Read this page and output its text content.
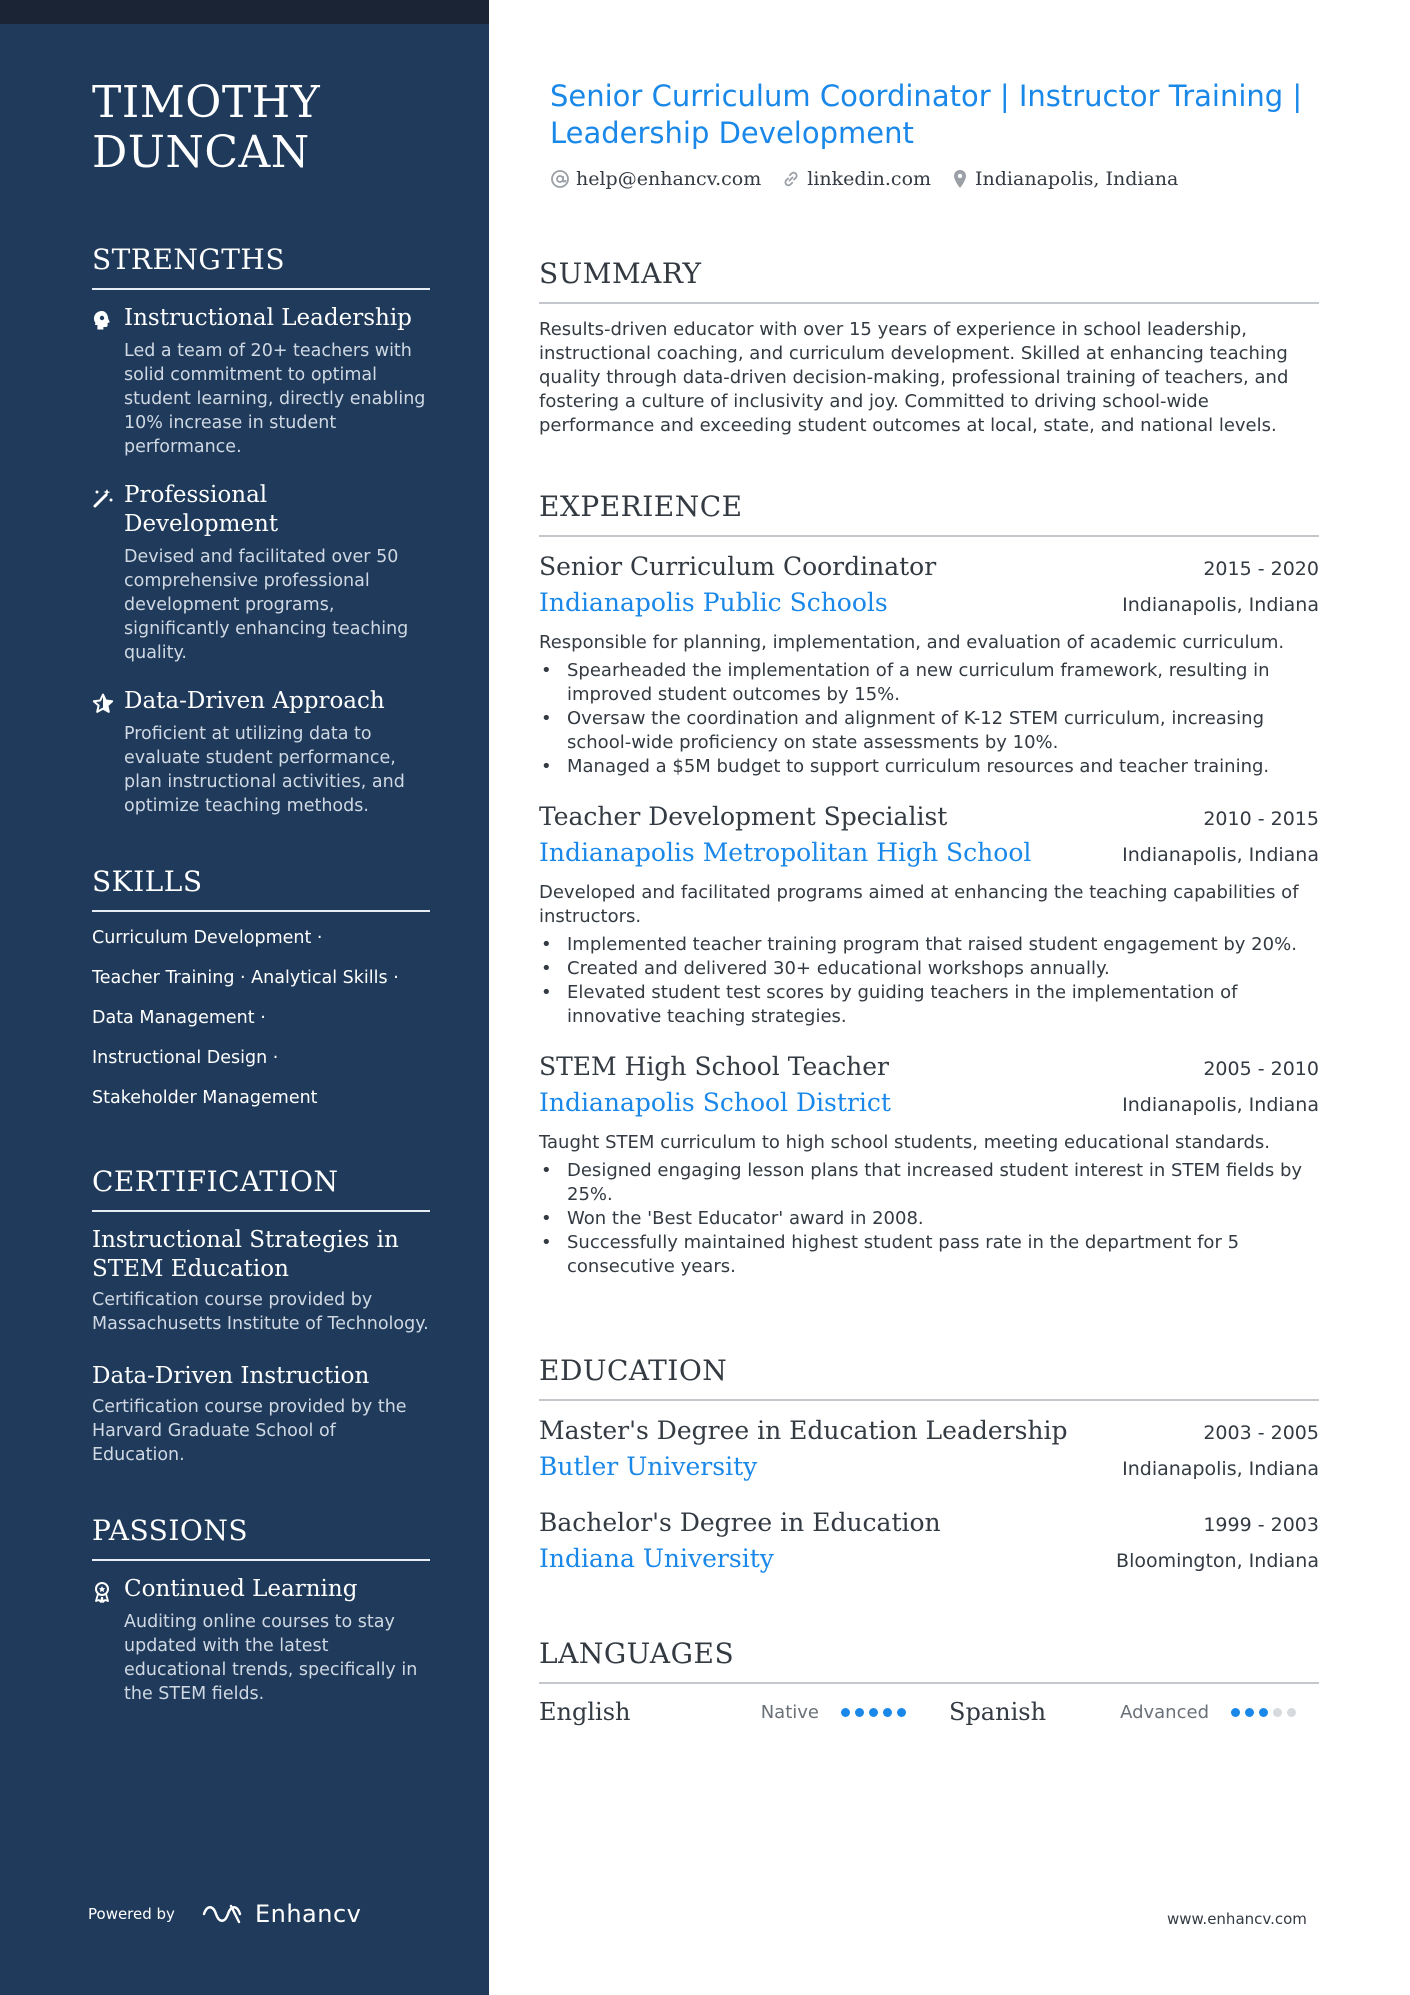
TIMOTHY
DUNCAN
STRENGTHS
Instructional Leadership
Led a team of 20+ teachers with solid commitment to optimal student learning, directly enabling 10% increase in student performance.
Professional
Development
Devised and facilitated over 50 comprehensive professional development programs, significantly enhancing teaching quality.
Data-Driven Approach
Proficient at utilizing data to evaluate student performance, plan instructional activities, and optimize teaching methods.
SKILLS
Curriculum Development ·
Teacher Training · Analytical Skills ·
Data Management ·
Instructional Design ·
Stakeholder Management
CERTIFICATION
Instructional Strategies in
STEM Education
Certification course provided by Massachusetts Institute of Technology.
Data-Driven Instruction
Certification course provided by the Harvard Graduate School of Education.
PASSIONS
Continued Learning
Auditing online courses to stay updated with the latest educational trends, specifically in the STEM fields.
Powered by	Enhancv
Senior Curriculum Coordinator | Instructor Training |
Leadership Development
help@enhancv.com linkedin.com Indianapolis, Indiana
SUMMARY
Results-driven educator with over 15 years of experience in school leadership, instructional coaching, and curriculum development. Skilled at enhancing teaching quality through data-driven decision-making, professional training of teachers, and fostering a culture of inclusivity and joy. Committed to driving school-wide performance and exceeding student outcomes at local, state, and national levels.
EXPERIENCE
Senior Curriculum Coordinator	2015 - 2020
Indianapolis Public Schools	Indianapolis, Indiana
Responsible for planning, implementation, and evaluation of academic curriculum.
• Spearheaded the implementation of a new curriculum framework, resulting in improved student outcomes by 15%.
• Oversaw the coordination and alignment of K-12 STEM curriculum, increasing school-wide proficiency on state assessments by 10%.
• Managed a $5M budget to support curriculum resources and teacher training.
Teacher Development Specialist	2010 - 2015
Indianapolis Metropolitan High School	Indianapolis, Indiana
Developed and facilitated programs aimed at enhancing the teaching capabilities of instructors.
• Implemented teacher training program that raised student engagement by 20%.
• Created and delivered 30+ educational workshops annually.
• Elevated student test scores by guiding teachers in the implementation of innovative teaching strategies.
STEM High School Teacher	2005 - 2010
Indianapolis School District	Indianapolis, Indiana
Taught STEM curriculum to high school students, meeting educational standards.
• Designed engaging lesson plans that increased student interest in STEM fields by 25%.
• Won the 'Best Educator' award in 2008.
• Successfully maintained highest student pass rate in the department for 5 consecutive years.
EDUCATION
Master's Degree in Education Leadership	2003 - 2005
Butler University	Indianapolis, Indiana
Bachelor's Degree in Education	1999 - 2003
Indiana University	Bloomington, Indiana
LANGUAGES
English	Native	Spanish	Advanced
www.enhancv.com
